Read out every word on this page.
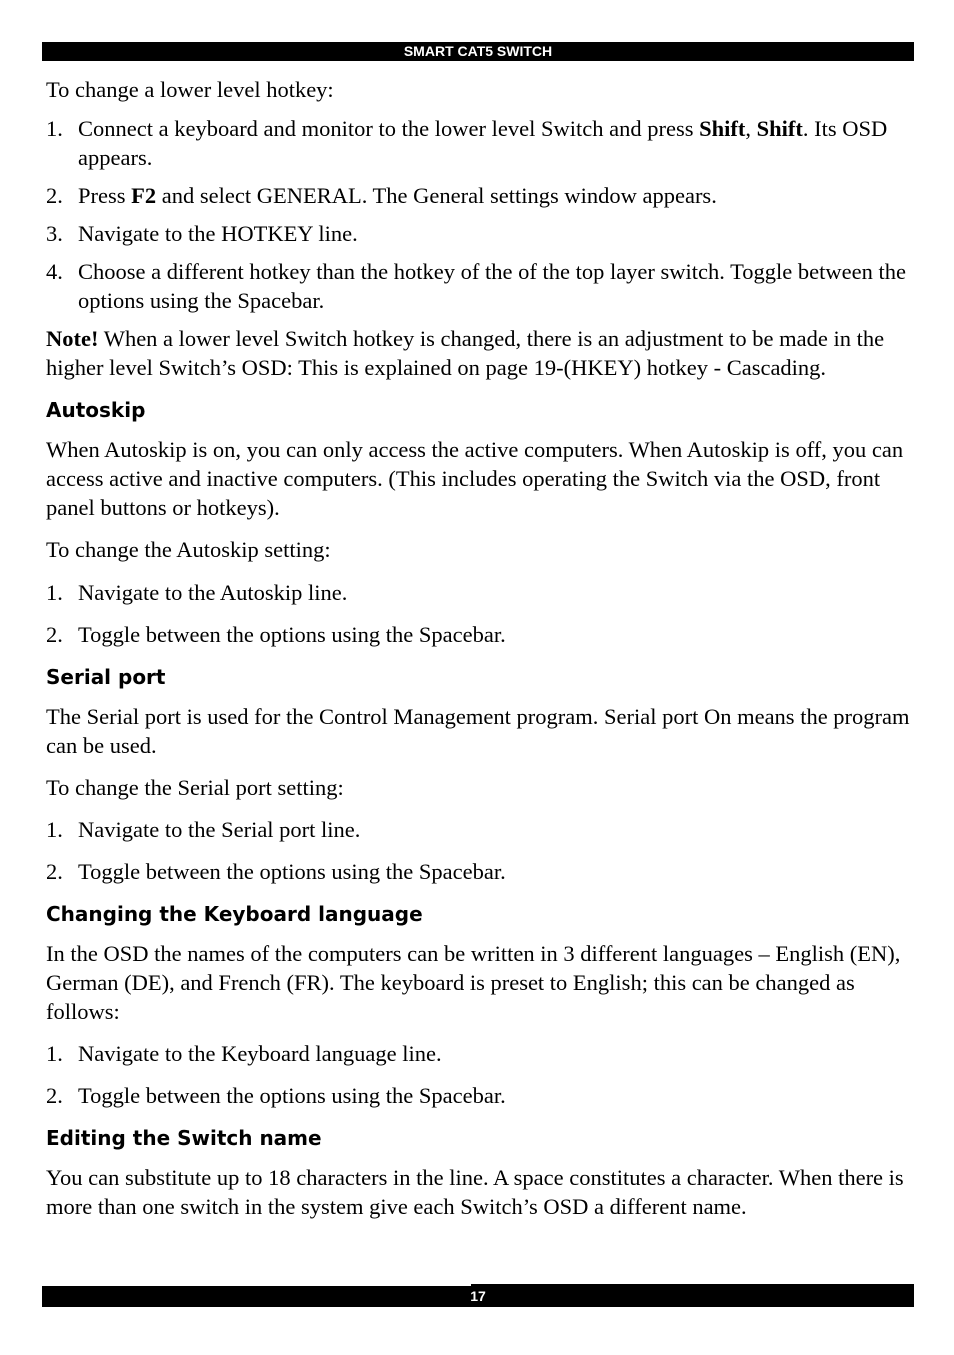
SMART CAT5 SWITCH

To change a lower level hotkey:

1. Connect a keyboard and monitor to the lower level Switch and press Shift, Shift. Its OSD appears.
2. Press F2 and select GENERAL. The General settings window appears.
3. Navigate to the HOTKEY line.
4. Choose a different hotkey than the hotkey of the of the top layer switch. Toggle between the options using the Spacebar.

Note! When a lower level Switch hotkey is changed, there is an adjustment to be made in the higher level Switch’s OSD: This is explained on page 19-(HKEY) hotkey - Cascading.

Autoskip

When Autoskip is on, you can only access the active computers. When Autoskip is off, you can access active and inactive computers. (This includes operating the Switch via the OSD, front panel buttons or hotkeys).

To change the Autoskip setting:

1. Navigate to the Autoskip line.
2. Toggle between the options using the Spacebar.
Serial port

The Serial port is used for the Control Management program. Serial port On means the program can be used.

To change the Serial port setting:

1. Navigate to the Serial port line.
2. Toggle between the options using the Spacebar.
Changing the Keyboard language

In the OSD the names of the computers can be written in 3 different languages – English (EN), German (DE), and French (FR). The keyboard is preset to English; this can be changed as follows:

1. Navigate to the Keyboard language line.
2. Toggle between the options using the Spacebar.
Editing the Switch name

You can substitute up to 18 characters in the line. A space constitutes a character. When there is more than one switch in the system give each Switch’s OSD a different name.

17
